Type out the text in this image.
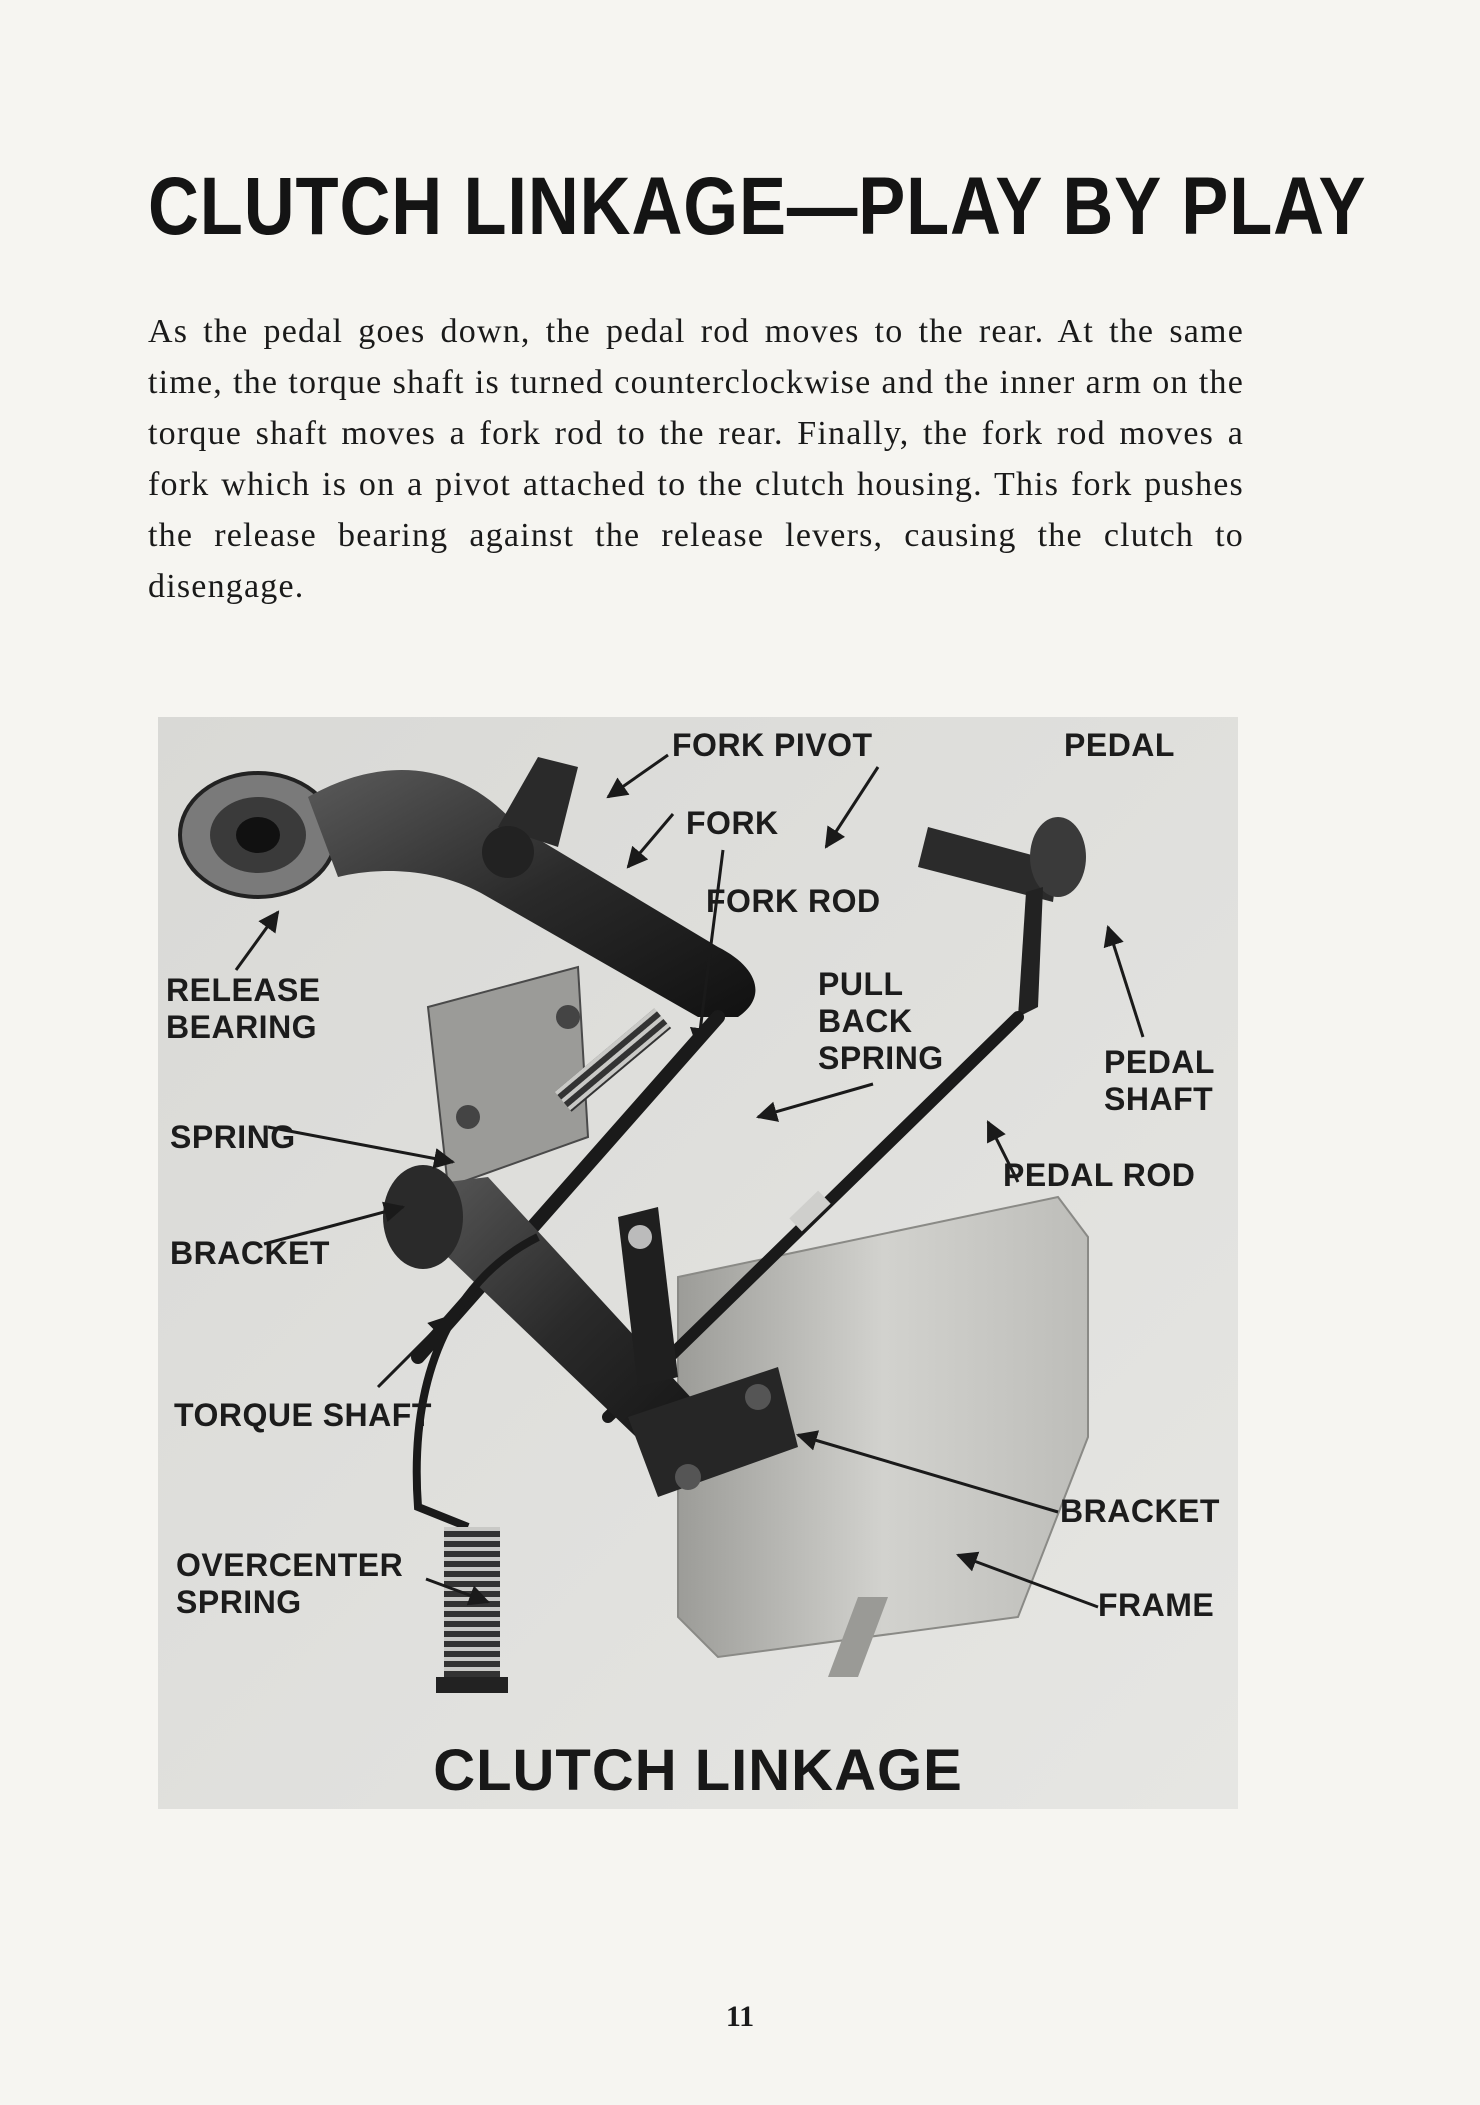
CLUTCH LINKAGE—PLAY BY PLAY
As the pedal goes down, the pedal rod moves to the rear. At the same time, the torque shaft is turned counterclockwise and the inner arm on the torque shaft moves a fork rod to the rear. Finally, the fork rod moves a fork which is on a pivot attached to the clutch housing. This fork pushes the release bearing against the release levers, causing the clutch to disengage.
FORK PIVOT	PEDAL
FORK
FORK ROD
RELEASE
BEARING
PULL
BACK
SPRING	PEDAL
SHAFT
SPRING
PEDAL ROD
BRACKET
TORQUE SHAFT
BRACKET
OVERCENTER
SPRING	FRAME
CLUTCH LINKAGE
11
